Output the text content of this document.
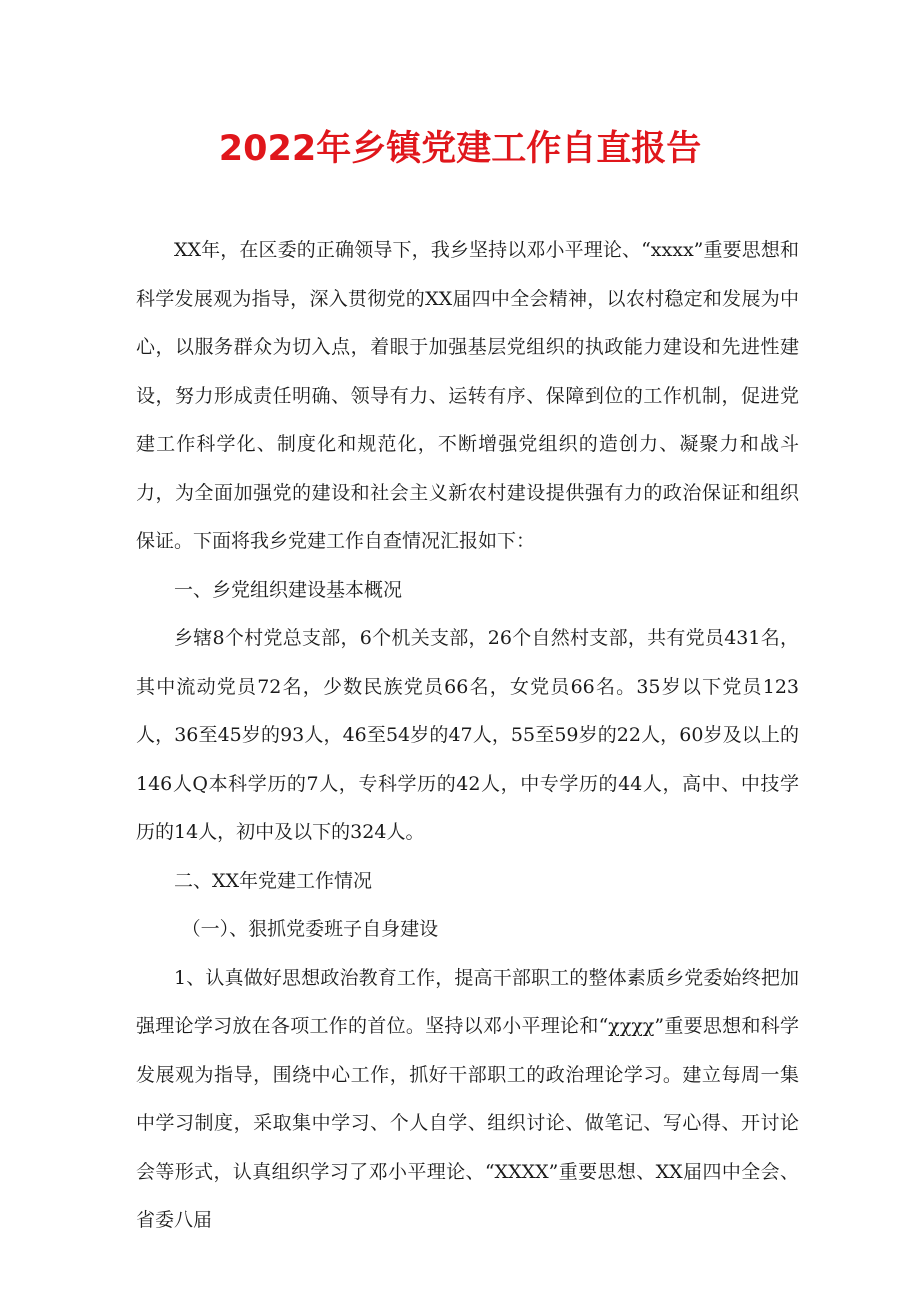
2022年乡镇党建工作自直报告

XX年，在区委的正确领导下，我乡坚持以邓小平理论、“xxxx”重要思想和科学发展观为指导，深入贯彻党的XX届四中全会精神，以农村稳定和发展为中心，以服务群众为切入点，着眼于加强基层党组织的执政能力建设和先进性建设，努力形成责任明确、领导有力、运转有序、保障到位的工作机制，促进党建工作科学化、制度化和规范化，不断增强党组织的造创力、凝聚力和战斗力，为全面加强党的建设和社会主义新农村建设提供强有力的政治保证和组织保证。下面将我乡党建工作自查情况汇报如下：

一、乡党组织建设基本概况

乡辖8个村党总支部，6个机关支部，26个自然村支部，共有党员431名，其中流动党员72名，少数民族党员66名，女党员66名。35岁以下党员123人，36至45岁的93人，46至54岁的47人，55至59岁的22人，60岁及以上的146人Q本科学历的7人，专科学历的42人，中专学历的44人，高中、中技学历的14人，初中及以下的324人。

二、XX年党建工作情况

（一）、狠抓党委班子自身建设

1、认真做好思想政治教育工作，提高干部职工的整体素质乡党委始终把加强理论学习放在各项工作的首位。坚持以邓小平理论和“χχχχ”重要思想和科学发展观为指导，围绕中心工作，抓好干部职工的政治理论学习。建立每周一集中学习制度，采取集中学习、个人自学、组织讨论、做笔记、写心得、开讨论会等形式，认真组织学习了邓小平理论、“XXXX”重要思想、XX届四中全会、省委八届
